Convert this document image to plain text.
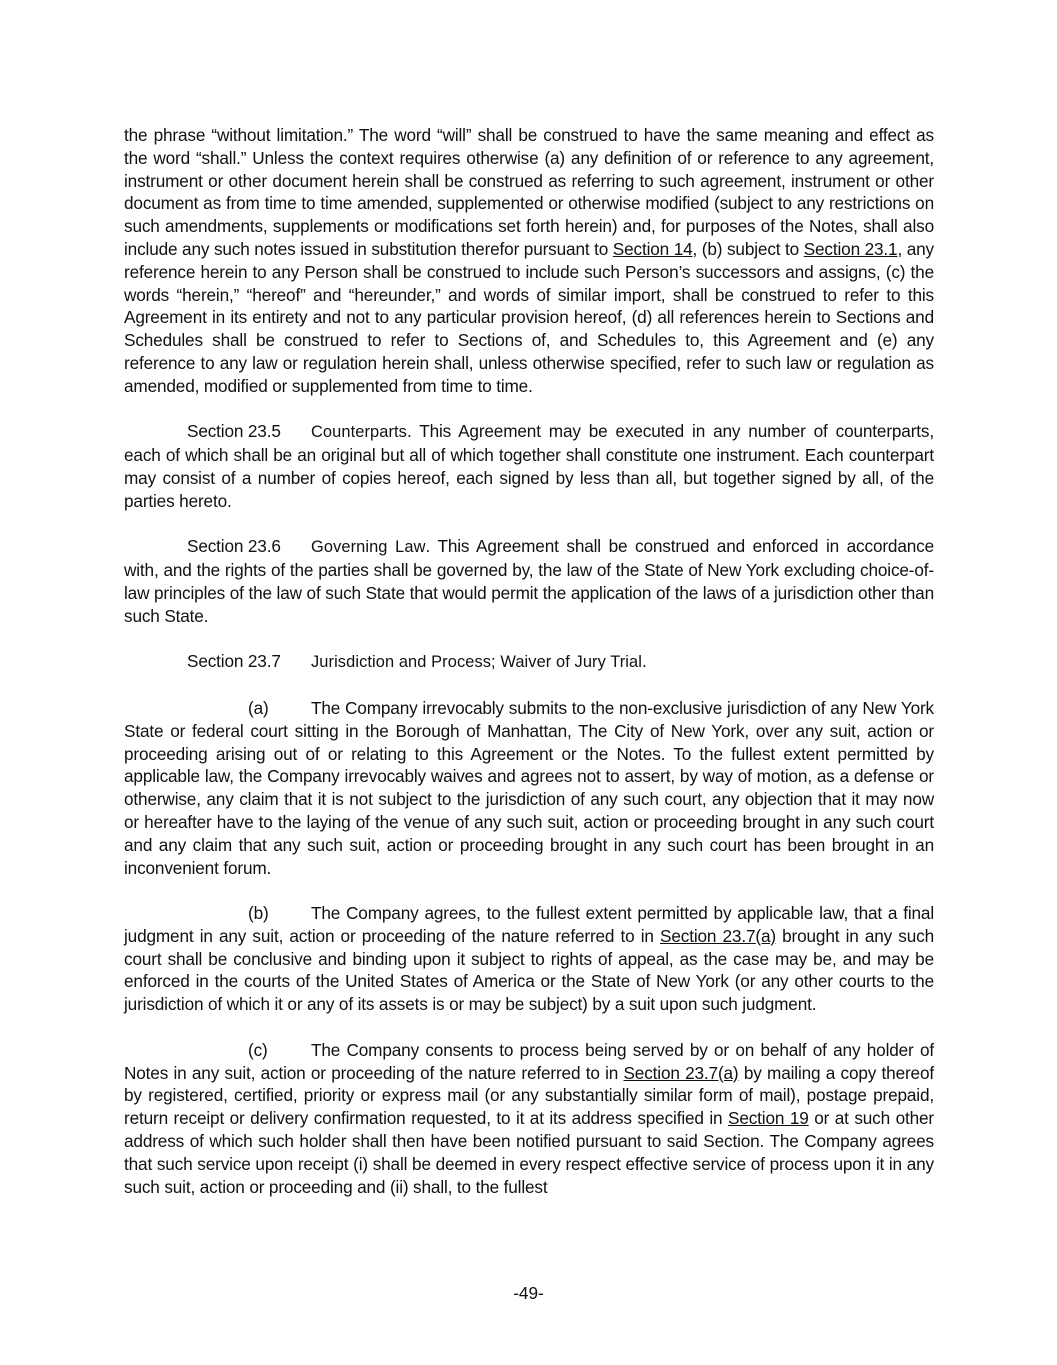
the phrase “without limitation.” The word “will” shall be construed to have the same meaning and effect as the word “shall.” Unless the context requires otherwise (a) any definition of or reference to any agreement, instrument or other document herein shall be construed as referring to such agreement, instrument or other document as from time to time amended, supplemented or otherwise modified (subject to any restrictions on such amendments, supplements or modifications set forth herein) and, for purposes of the Notes, shall also include any such notes issued in substitution therefor pursuant to Section 14, (b) subject to Section 23.1, any reference herein to any Person shall be construed to include such Person’s successors and assigns, (c) the words “herein,” “hereof” and “hereunder,” and words of similar import, shall be construed to refer to this Agreement in its entirety and not to any particular provision hereof, (d) all references herein to Sections and Schedules shall be construed to refer to Sections of, and Schedules to, this Agreement and (e) any reference to any law or regulation herein shall, unless otherwise specified, refer to such law or regulation as amended, modified or supplemented from time to time.

Section 23.5 Counterparts. This Agreement may be executed in any number of counterparts, each of which shall be an original but all of which together shall constitute one instrument. Each counterpart may consist of a number of copies hereof, each signed by less than all, but together signed by all, of the parties hereto.

Section 23.6 Governing Law. This Agreement shall be construed and enforced in accordance with, and the rights of the parties shall be governed by, the law of the State of New York excluding choice-of-law principles of the law of such State that would permit the application of the laws of a jurisdiction other than such State.

Section 23.7 Jurisdiction and Process; Waiver of Jury Trial.

(a) The Company irrevocably submits to the non-exclusive jurisdiction of any New York State or federal court sitting in the Borough of Manhattan, The City of New York, over any suit, action or proceeding arising out of or relating to this Agreement or the Notes. To the fullest extent permitted by applicable law, the Company irrevocably waives and agrees not to assert, by way of motion, as a defense or otherwise, any claim that it is not subject to the jurisdiction of any such court, any objection that it may now or hereafter have to the laying of the venue of any such suit, action or proceeding brought in any such court and any claim that any such suit, action or proceeding brought in any such court has been brought in an inconvenient forum.

(b) The Company agrees, to the fullest extent permitted by applicable law, that a final judgment in any suit, action or proceeding of the nature referred to in Section 23.7(a) brought in any such court shall be conclusive and binding upon it subject to rights of appeal, as the case may be, and may be enforced in the courts of the United States of America or the State of New York (or any other courts to the jurisdiction of which it or any of its assets is or may be subject) by a suit upon such judgment.

(c)	The Company consents to process being served by or on behalf of any holder of Notes in any suit, action or proceeding of the nature referred to in Section 23.7(a) by mailing a copy thereof by registered, certified, priority or express mail (or any substantially similar form of mail), postage prepaid, return receipt or delivery confirmation requested, to it at its address specified in Section 19 or at such other address of which such holder shall then have been notified pursuant to said Section. The Company agrees that such service upon receipt (i) shall be deemed in every respect effective service of process upon it in any such suit, action or proceeding and (ii) shall, to the fullest

-49-
